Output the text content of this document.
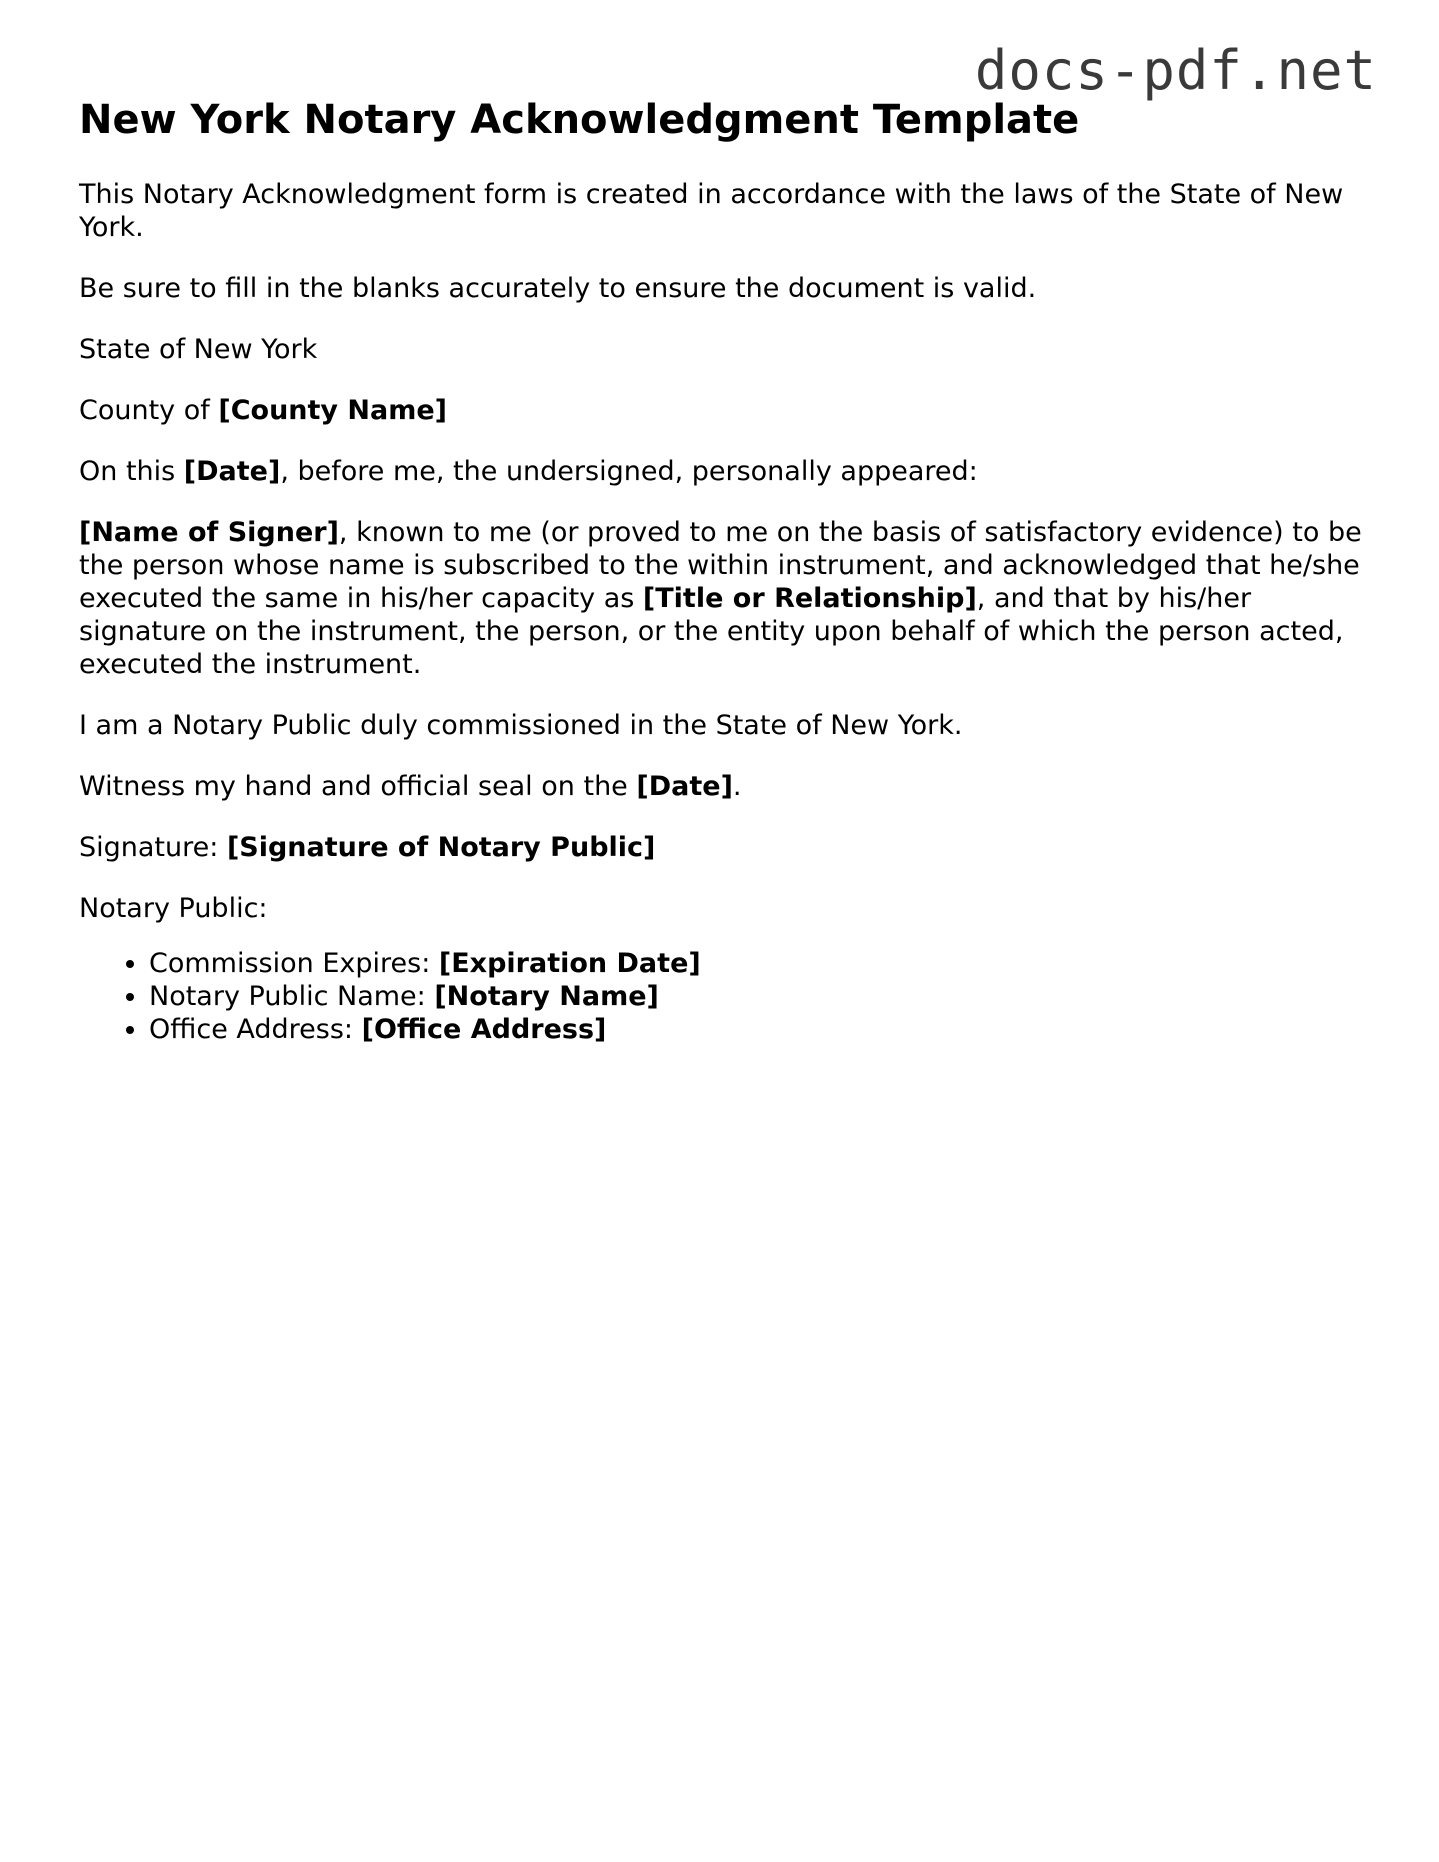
docs-pdf.net
New York Notary Acknowledgment Template

This Notary Acknowledgment form is created in accordance with the laws of the State of New York.

Be sure to fill in the blanks accurately to ensure the document is valid.

State of New York

County of [County Name]

On this [Date], before me, the undersigned, personally appeared:

[Name of Signer], known to me (or proved to me on the basis of satisfactory evidence) to be the person whose name is subscribed to the within instrument, and acknowledged that he/she executed the same in his/her capacity as [Title or Relationship], and that by his/her signature on the instrument, the person, or the entity upon behalf of which the person acted, executed the instrument.

I am a Notary Public duly commissioned in the State of New York.

Witness my hand and official seal on the [Date].

Signature: [Signature of Notary Public]

Notary Public:

• Commission Expires: [Expiration Date]
• Notary Public Name: [Notary Name]
• Office Address: [Office Address]
